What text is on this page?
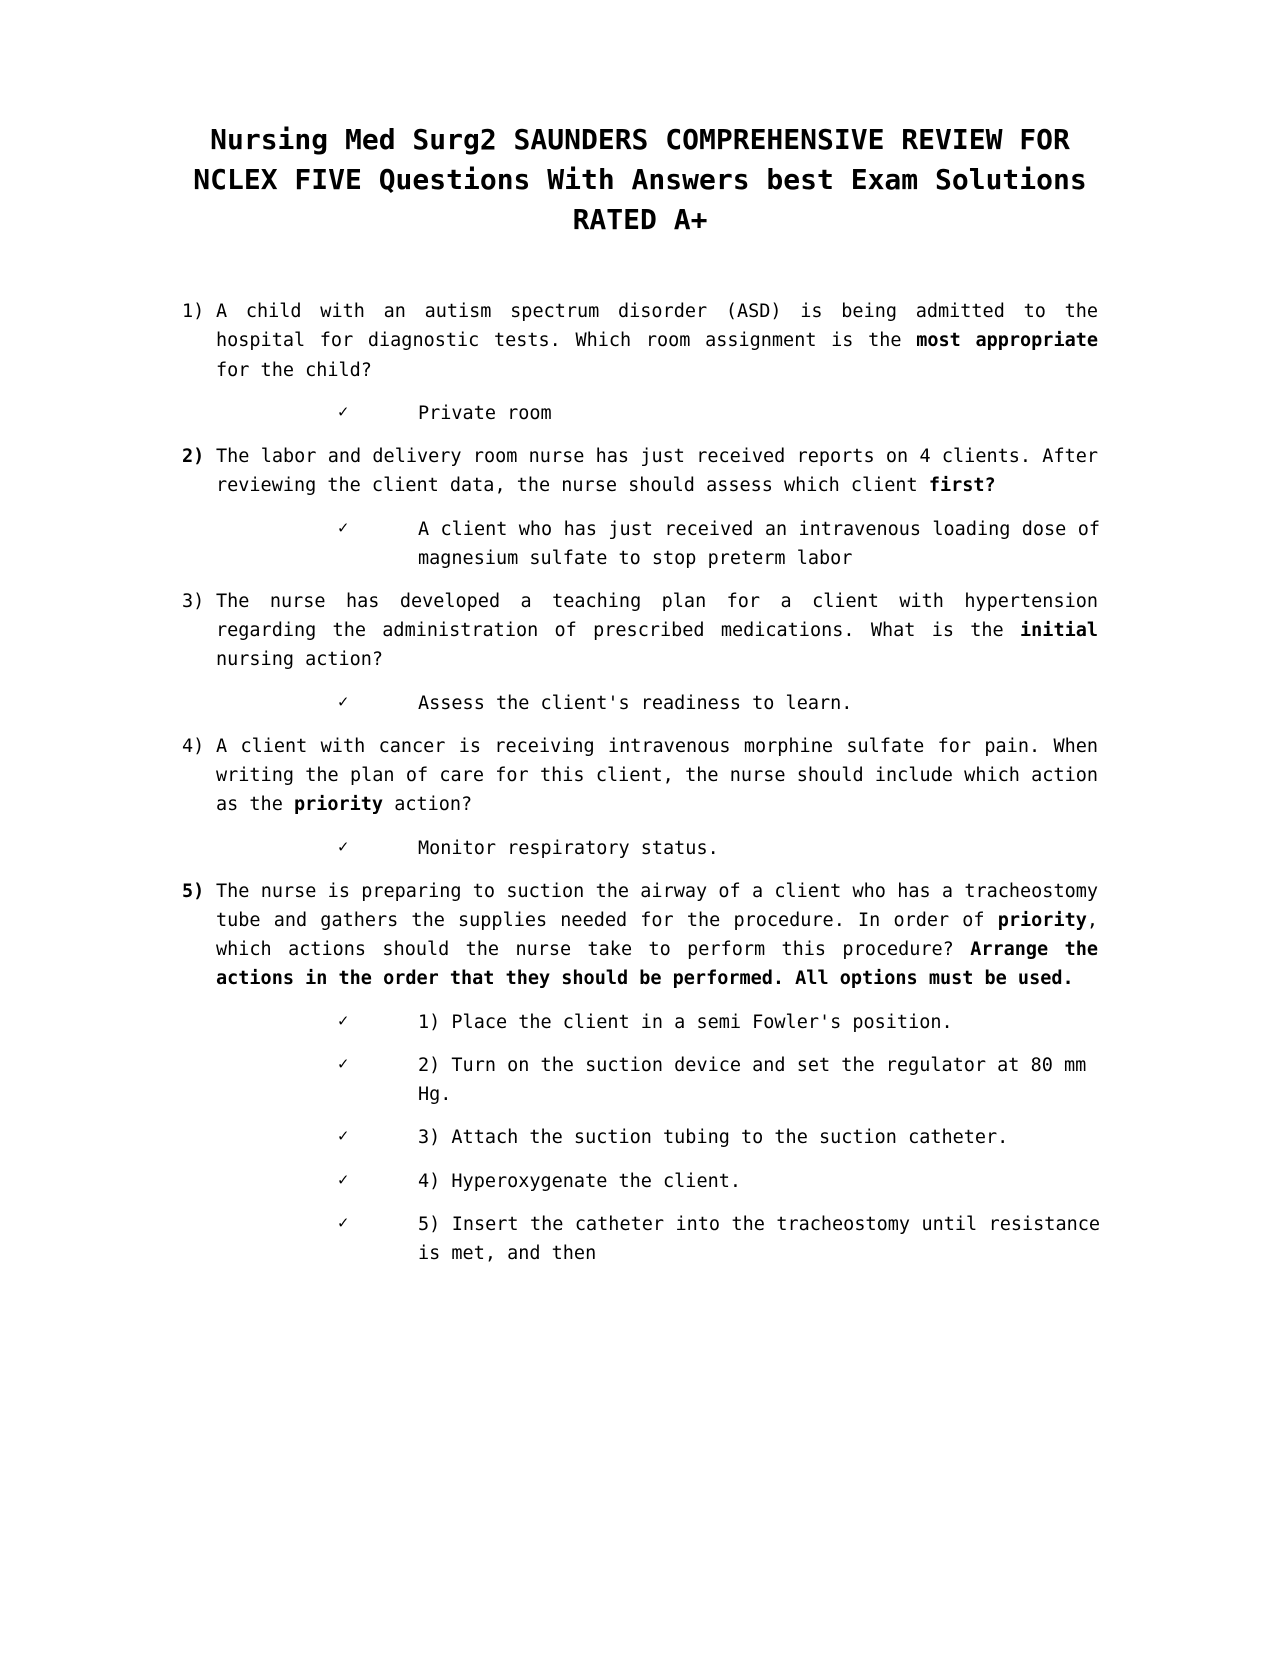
Nursing Med Surg2 SAUNDERS COMPREHENSIVE REVIEW FOR NCLEX FIVE Questions With Answers best Exam Solutions RATED A+
1) A child with an autism spectrum disorder (ASD) is being admitted to the hospital for diagnostic tests. Which room assignment is the most appropriate for the child?
✓	Private room
2) The labor and delivery room nurse has just received reports on 4 clients. After reviewing the client data, the nurse should assess which client first?
✓	A client who has just received an intravenous loading dose of magnesium sulfate to stop preterm labor
3) The nurse has developed a teaching plan for a client with hypertension regarding the administration of prescribed medications. What is the initial nursing action?
✓	Assess the client's readiness to learn.
4) A client with cancer is receiving intravenous morphine sulfate for pain. When writing the plan of care for this client, the nurse should include which action as the priority action?
✓	Monitor respiratory status.
5) The nurse is preparing to suction the airway of a client who has a tracheostomy tube and gathers the supplies needed for the procedure. In order of priority, which actions should the nurse take to perform this procedure? Arrange the actions in the order that they should be performed. All options must be used.
✓	1) Place the client in a semi Fowler's position.
✓	2) Turn on the suction device and set the regulator at 80 mm Hg.
✓	3) Attach the suction tubing to the suction catheter.
✓	4) Hyperoxygenate the client.
✓	5) Insert the catheter into the tracheostomy until resistance is met, and then
